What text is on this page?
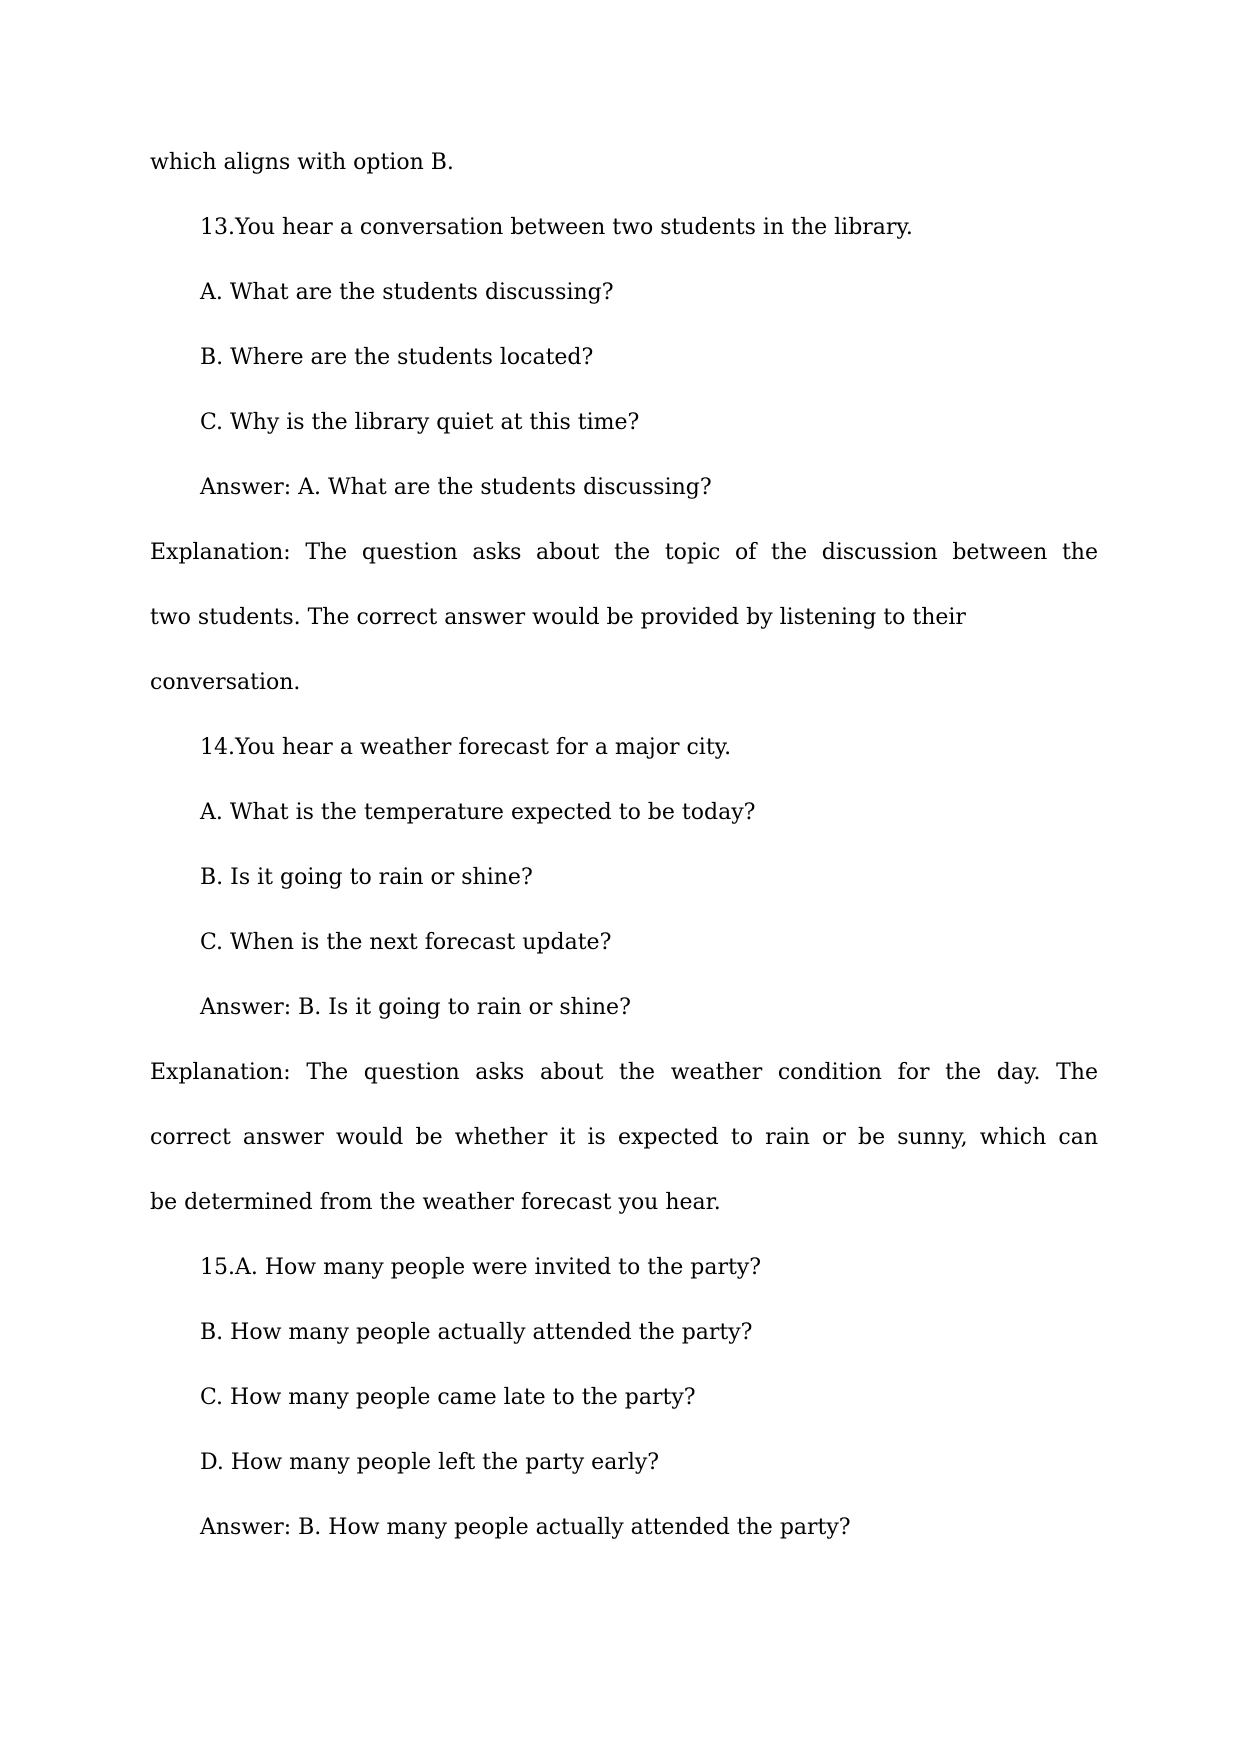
which aligns with option B.
13.You hear a conversation between two students in the library.
A. What are the students discussing?
B. Where are the students located?
C. Why is the library quiet at this time?
Answer: A. What are the students discussing?
Explanation: The question asks about the topic of the discussion between the
two students. The correct answer would be provided by listening to their
conversation.
14.You hear a weather forecast for a major city.
A. What is the temperature expected to be today?
B. Is it going to rain or shine?
C. When is the next forecast update?
Answer: B. Is it going to rain or shine?
Explanation: The question asks about the weather condition for the day. The
correct answer would be whether it is expected to rain or be sunny, which can
be determined from the weather forecast you hear.
15.A. How many people were invited to the party?
B. How many people actually attended the party?
C. How many people came late to the party?
D. How many people left the party early?
Answer: B. How many people actually attended the party?
